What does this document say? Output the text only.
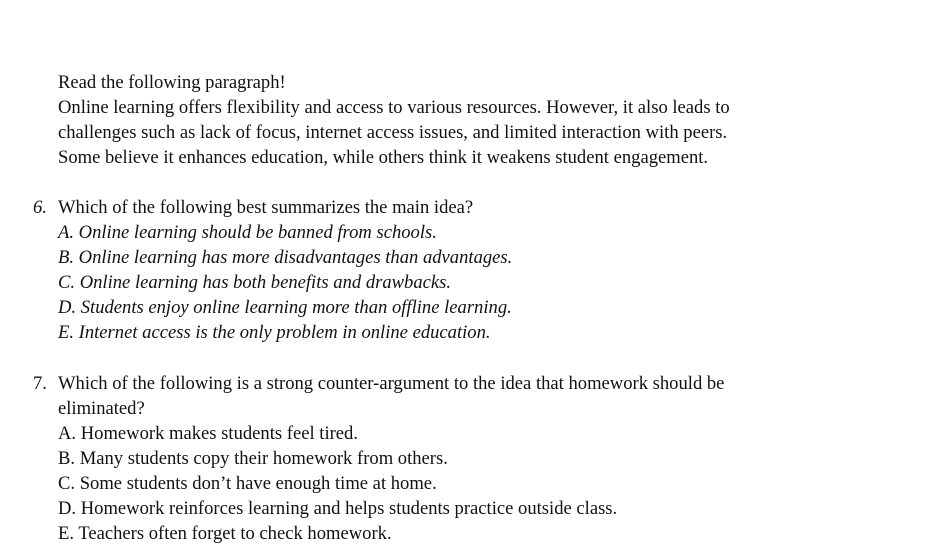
Read the following paragraph!
Online learning offers flexibility and access to various resources. However, it also leads to
challenges such as lack of focus, internet access issues, and limited interaction with peers.
Some believe it enhances education, while others think it weakens student engagement.
6. Which of the following best summarizes the main idea?
A. Online learning should be banned from schools.
B. Online learning has more disadvantages than advantages.
C. Online learning has both benefits and drawbacks.
D. Students enjoy online learning more than offline learning.
E. Internet access is the only problem in online education.
7. Which of the following is a strong counter-argument to the idea that homework should be
eliminated?
A. Homework makes students feel tired.
B. Many students copy their homework from others.
C. Some students don’t have enough time at home.
D. Homework reinforces learning and helps students practice outside class.
E. Teachers often forget to check homework.
